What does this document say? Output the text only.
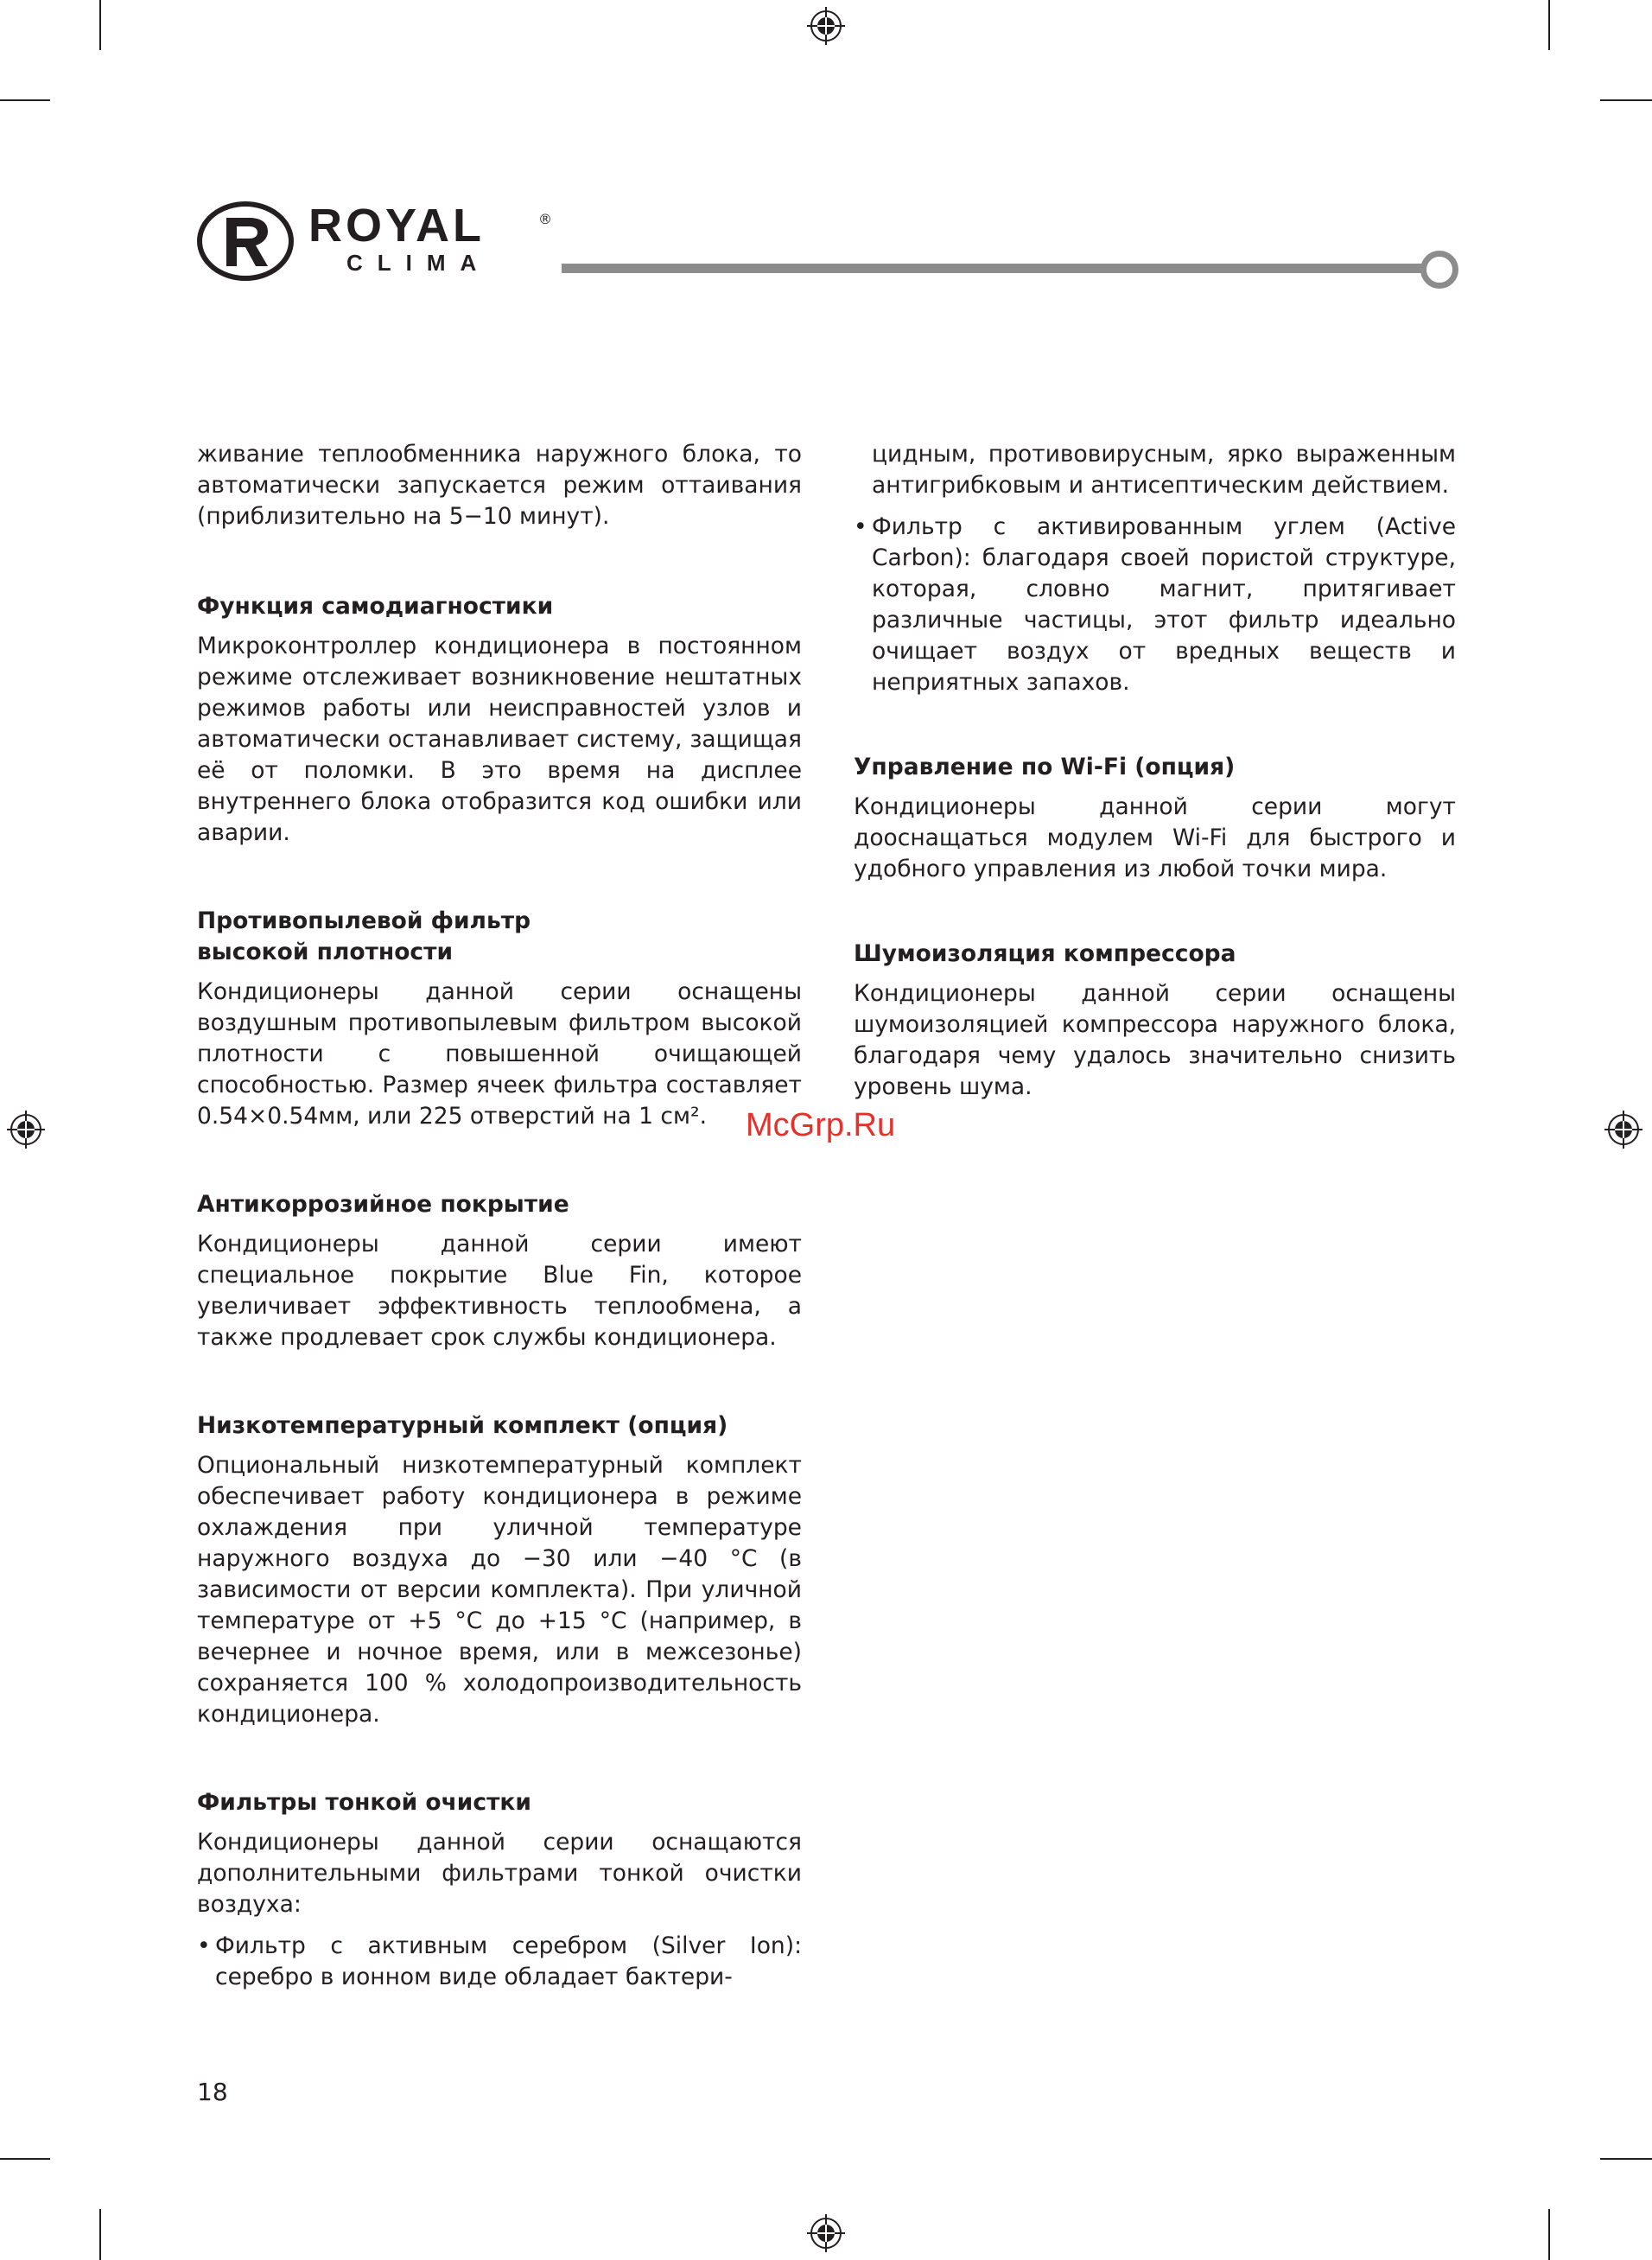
ROYAL	®
CLIMA

живание теплообменника наружного блока, то автоматически запускается режим оттаивания (приблизительно на 5−10 минут).

Функция самодиагностики

Микроконтроллер кондиционера в постоянном режиме отслеживает возникновение нештатных режимов работы или неисправностей узлов и автоматически останавливает систему, защищая её от поломки. В это время на дисплее внутреннего блока отобразится код ошибки или аварии.

Противопылевой фильтр высокой плотности

Кондиционеры данной серии оснащены воздушным противопылевым фильтром высокой плотности с повышенной очищающей способностью. Размер ячеек фильтра составляет 0.54×0.54мм, или 225 отверстий на 1 см².

Антикоррозийное покрытие

Кондиционеры данной серии имеют специальное покрытие Blue Fin, которое увеличивает эффективность теплообмена, а также продлевает срок службы кондиционера.

Низкотемпературный комплект (опция)

Опциональный низкотемпературный комплект обеспечивает работу кондиционера в режиме охлаждения при уличной температуре наружного воздуха до −30 или −40 °С (в зависимости от версии комплекта). При уличной температуре от +5 °С до +15 °С (например, в вечернее и ночное время, или в межсезонье) сохраняется 100 % холодопроизводительность кондиционера.

Фильтры тонкой очистки

Кондиционеры данной серии оснащаются дополнительными фильтрами тонкой очистки воздуха:

• Фильтр с активным серебром (Silver Ion): серебро в ионном виде обладает бактери-

цидным, противовирусным, ярко выраженным антигрибковым и антисептическим действием.

• Фильтр с активированным углем (Active Carbon): благодаря своей пористой структуре, которая, словно магнит, притягивает различные частицы, этот фильтр идеально очищает воздух от вредных веществ и неприятных запахов.
Управление по Wi-Fi (опция)

Кондиционеры данной серии могут дооснащаться модулем Wi-Fi для быстрого и удобного управления из любой точки мира.

Шумоизоляция компрессора

Кондиционеры данной серии оснащены шумоизоляцией компрессора наружного блока, благодаря чему удалось значительно снизить уровень шума.

McGrp.Ru
18
